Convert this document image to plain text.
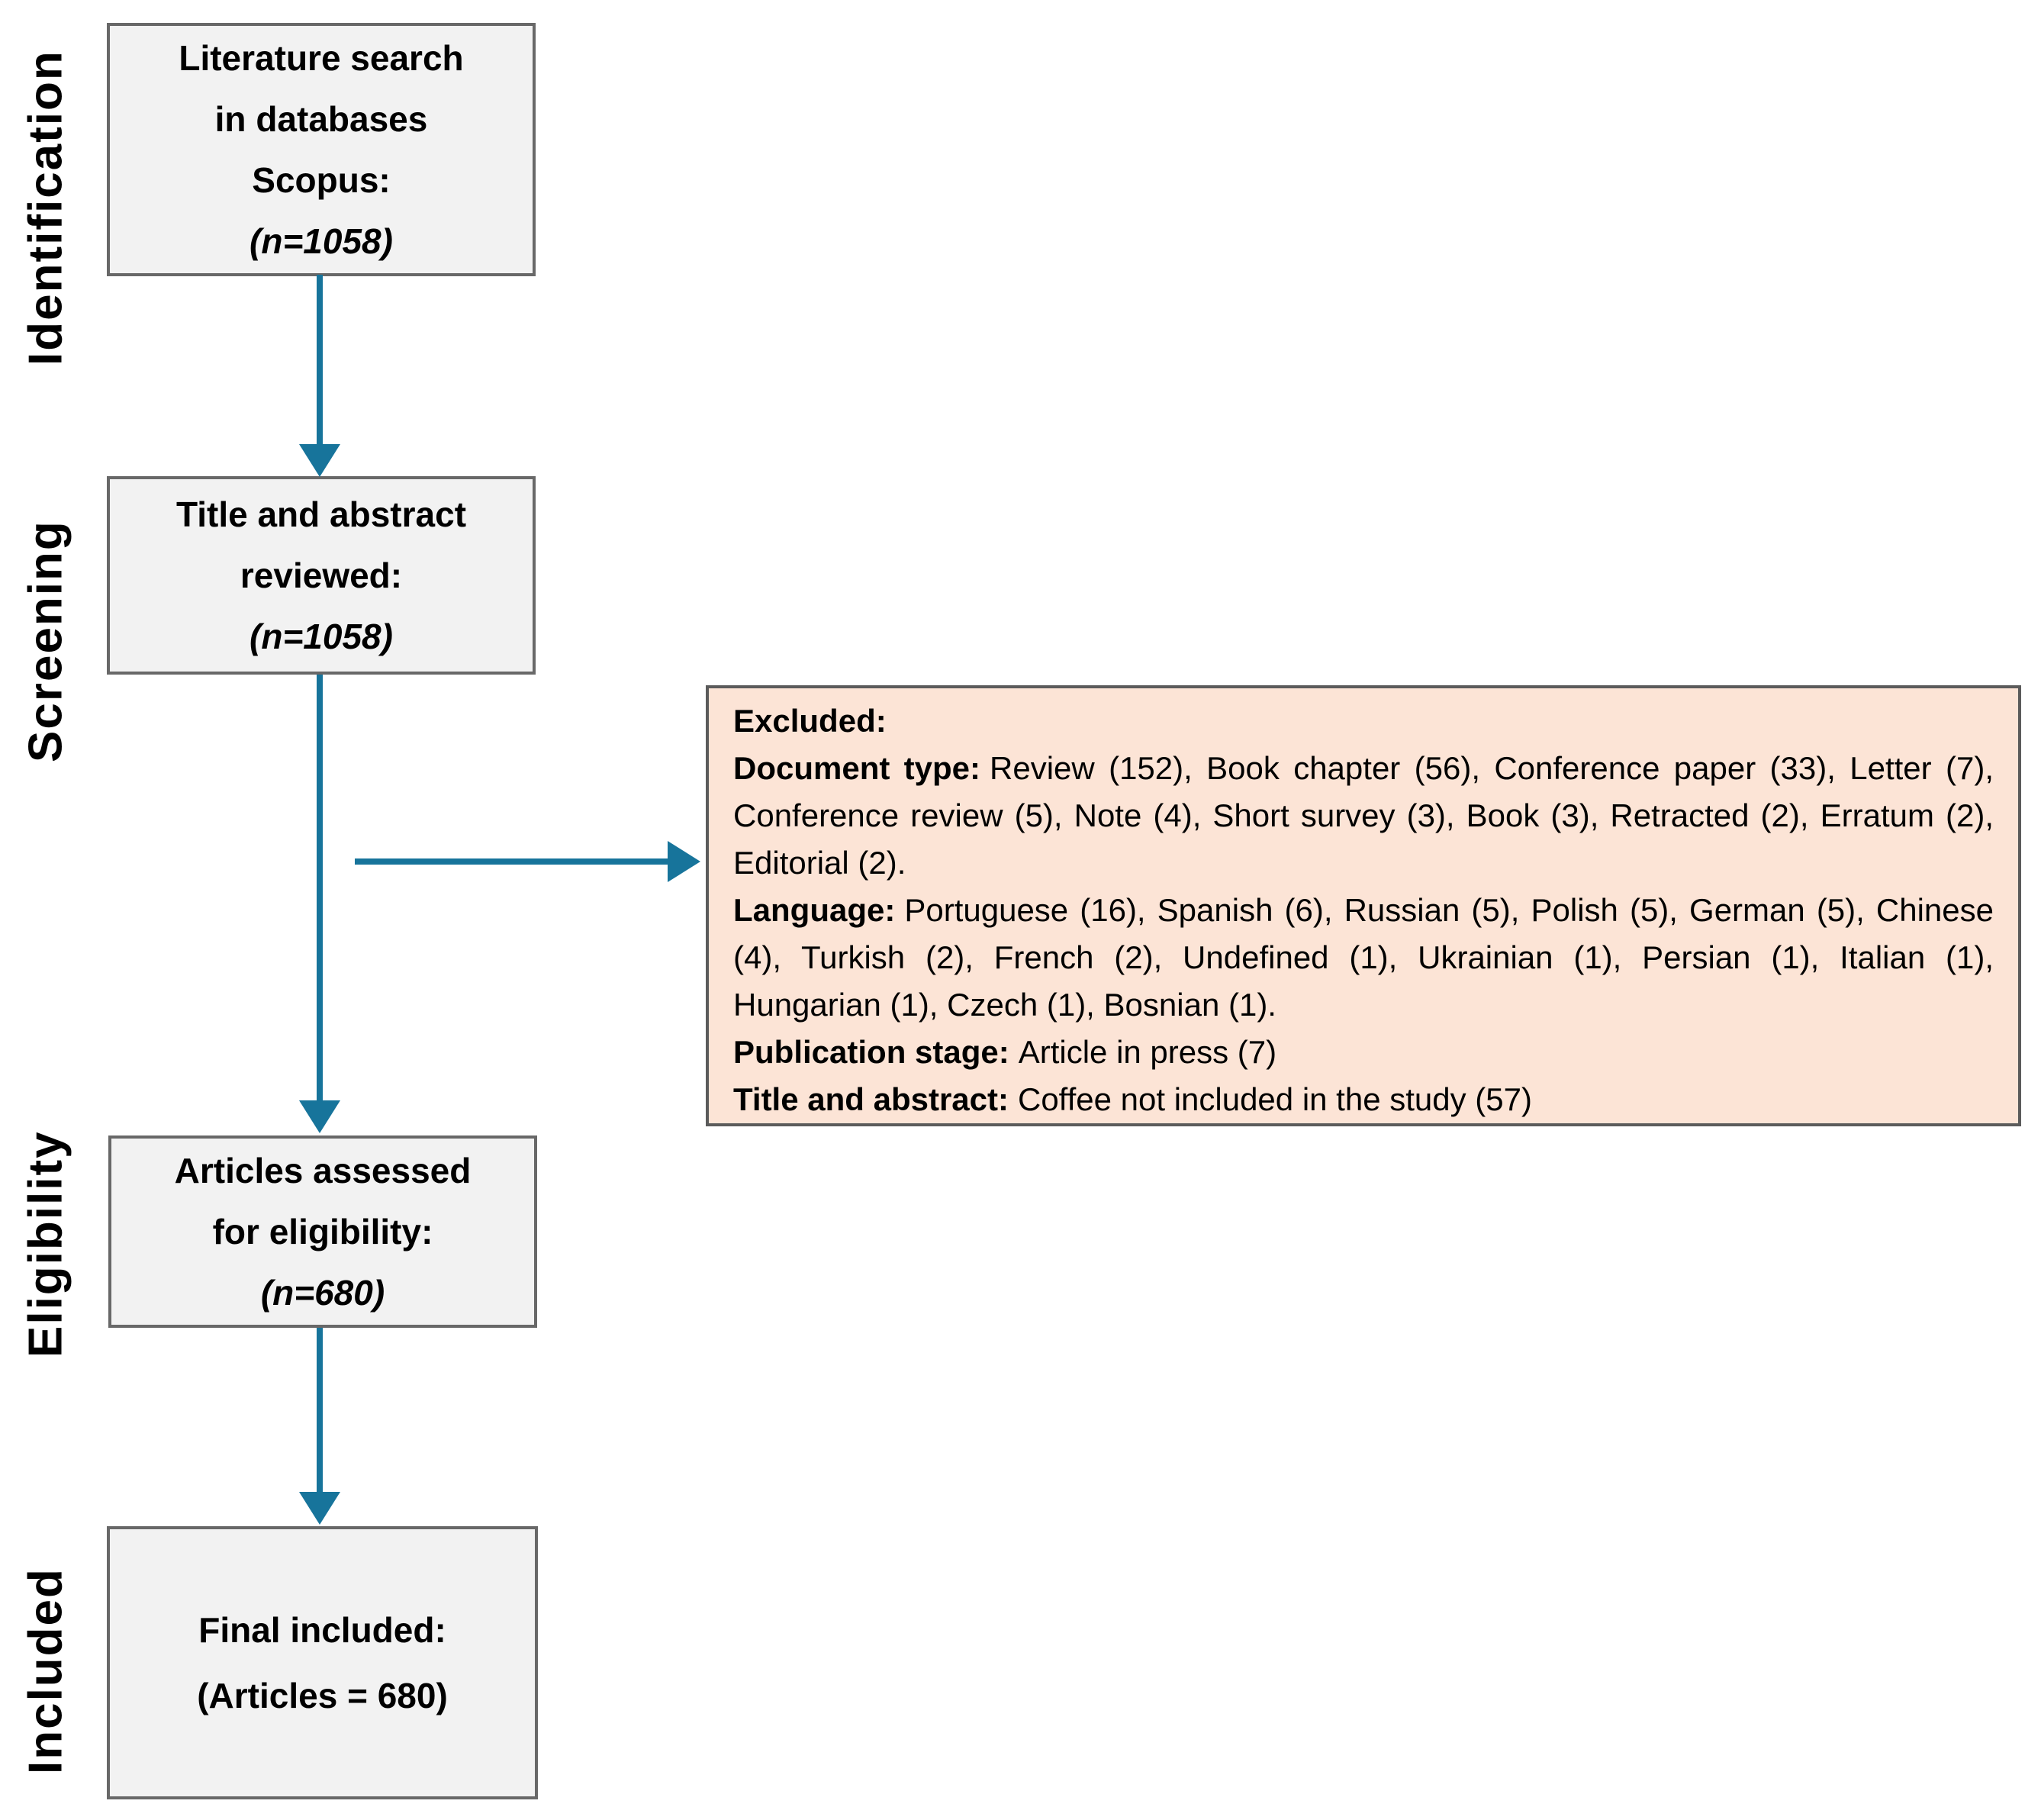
Identification
Screening
Eligibility
Included
Literature search
in databases
Scopus:
(n=1058)
Title and abstract
reviewed:
(n=1058)
Articles assessed
for eligibility:
(n=680)
Final included:
(Articles = 680)

Excluded:

Document type: Review (152), Book chapter (56), Conference paper (33), Letter (7), Conference review (5), Note (4), Short survey (3), Book (3), Retracted (2), Erratum (2), Editorial (2).

Language: Portuguese (16), Spanish (6), Russian (5), Polish (5), German (5), Chinese (4), Turkish (2), French (2), Undefined (1), Ukrainian (1), Persian (1), Italian (1), Hungarian (1), Czech (1), Bosnian (1).

Publication stage: Article in press (7)

Title and abstract: Coffee not included in the study (57)
